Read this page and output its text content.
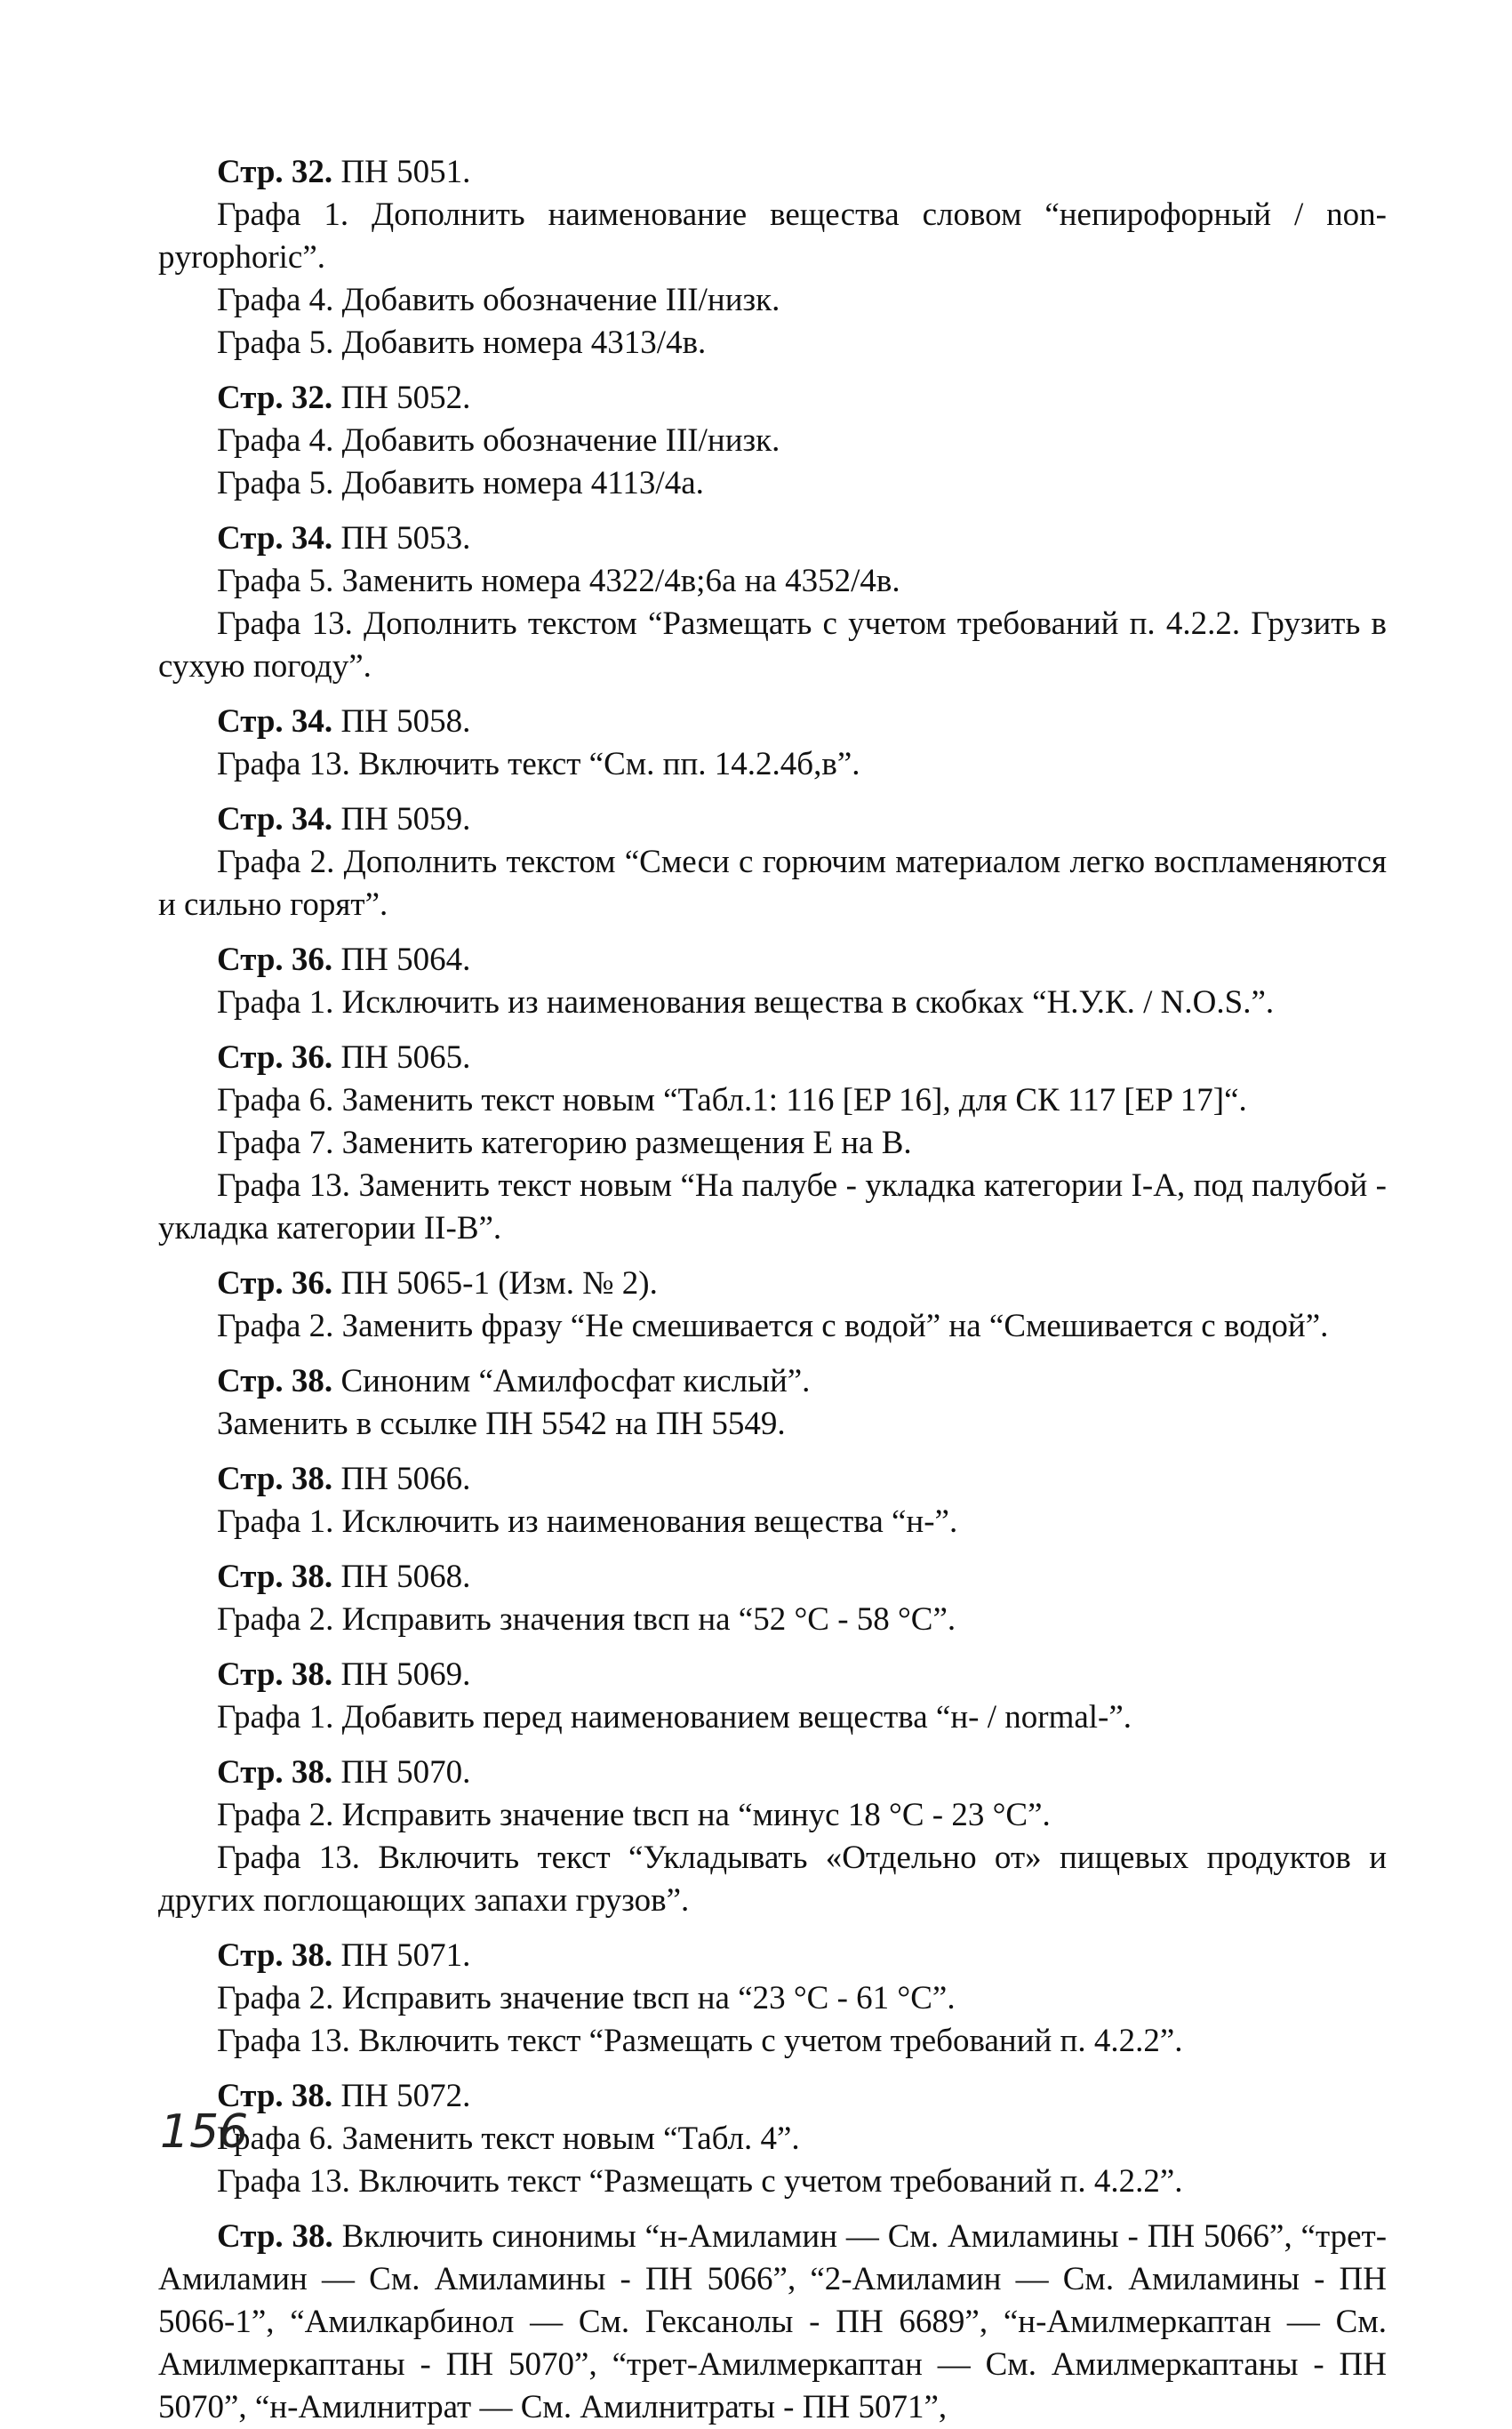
Стр. 32. ПН 5051.

Графа 1. Дополнить наименование вещества словом “непирофорный / non-pyrophoric”.

Графа 4. Добавить обозначение III/низк.

Графа 5. Добавить номера 4313/4в.

Стр. 32. ПН 5052.

Графа 4. Добавить обозначение III/низк.

Графа 5. Добавить номера 4113/4а.

Стр. 34. ПН 5053.

Графа 5. Заменить номера 4322/4в;6а на 4352/4в.

Графа 13. Дополнить текстом “Размещать с учетом требований п. 4.2.2. Грузить в сухую погоду”.

Стр. 34. ПН 5058.

Графа 13. Включить текст “См. пп. 14.2.4б,в”.

Стр. 34. ПН 5059.

Графа 2. Дополнить текстом “Смеси с горючим материалом легко воспламеняются и сильно горят”.

Стр. 36. ПН 5064.

Графа 1. Исключить из наименования вещества в скобках “Н.У.К. / N.O.S.”.

Стр. 36. ПН 5065.

Графа 6. Заменить текст новым “Табл.1: 116 [EP 16], для СК 117 [EP 17]“.

Графа 7. Заменить категорию размещения Е на В.

Графа 13. Заменить текст новым “На палубе - укладка категории I-А, под палубой - укладка категории II-В”.

Стр. 36. ПН 5065-1 (Изм. № 2).

Графа 2. Заменить фразу “Не смешивается с водой” на “Смешивается с водой”.

Стр. 38. Синоним “Амилфосфат кислый”.

Заменить в ссылке ПН 5542 на ПН 5549.

Стр. 38. ПН 5066.

Графа 1. Исключить из наименования вещества “н-”.

Стр. 38. ПН 5068.

Графа 2. Исправить значения tвсп на “52 °С - 58 °С”.

Стр. 38. ПН 5069.

Графа 1. Добавить перед наименованием вещества “н- / normal-”.

Стр. 38. ПН 5070.

Графа 2. Исправить значение tвсп на “минус 18 °С - 23 °С”.

Графа 13. Включить текст “Укладывать «Отдельно от» пищевых продуктов и других поглощающих запахи грузов”.

Стр. 38. ПН 5071.

Графа 2. Исправить значение tвсп на “23 °С - 61 °С”.

Графа 13. Включить текст “Размещать с учетом требований п. 4.2.2”.

Стр. 38. ПН 5072.

Графа 6. Заменить текст новым “Табл. 4”.

Графа 13. Включить текст “Размещать с учетом требований п. 4.2.2”.

Стр. 38. Включить синонимы “н-Амиламин — См. Амиламины - ПН 5066”, “трет-Амиламин — См. Амиламины - ПН 5066”, “2-Амиламин — См. Амиламины - ПН 5066-1”, “Амилкарбинол — См. Гексанолы - ПН 6689”, “н-Амилмеркаптан — См. Амилмеркаптаны - ПН 5070”, “трет-Амилмеркаптан — См. Амилмеркаптаны - ПН 5070”, “н-Амилнитрат — См. Амилнитраты - ПН 5071”,

156
